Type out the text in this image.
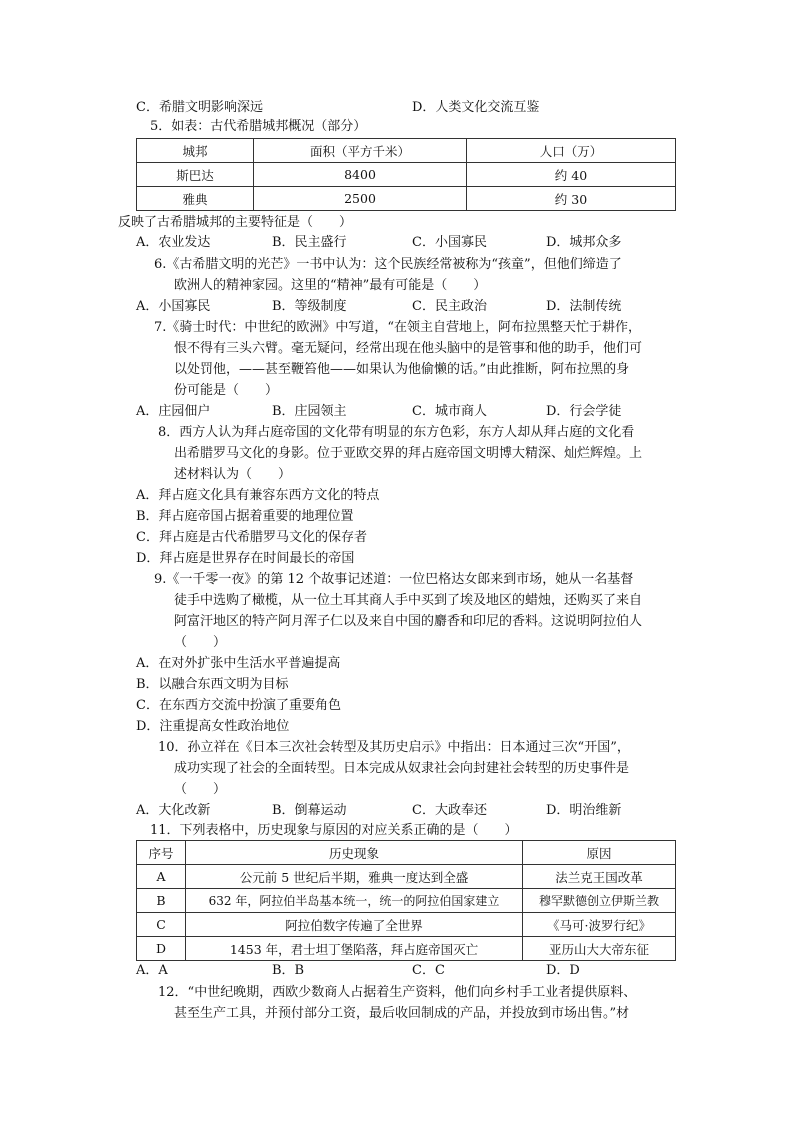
C．希腊文明影响深远	D．人类文化交流互鉴
5．如表：古代希腊城邦概况（部分）
城邦	面积（平方千米）	人口（万）
斯巴达	8400	约 40
雅典	2500	约 30
反映了古希腊城邦的主要特征是（　　）
A．农业发达	B．民主盛行	C．小国寡民	D．城邦众多
6.《古希腊文明的光芒》一书中认为：这个民族经常被称为“孩童”，但他们缔造了
欧洲人的精神家园。这里的“精神”最有可能是（　　）
A．小国寡民	B．等级制度	C．民主政治	D．法制传统
7.《骑士时代：中世纪的欧洲》中写道，“在领主自营地上，阿布拉黑整天忙于耕作，
恨不得有三头六臂。毫无疑问，经常出现在他头脑中的是管事和他的助手，他们可
以处罚他，——甚至鞭笞他——如果认为他偷懒的话。”由此推断，阿布拉黑的身
份可能是（　　）
A．庄园佃户	B．庄园领主	C．城市商人	D．行会学徒
8．西方人认为拜占庭帝国的文化带有明显的东方色彩，东方人却从拜占庭的文化看
出希腊罗马文化的身影。位于亚欧交界的拜占庭帝国文明博大精深、灿烂辉煌。上
述材料认为（　　）
A．拜占庭文化具有兼容东西方文化的特点
B．拜占庭帝国占据着重要的地理位置
C．拜占庭是古代希腊罗马文化的保存者
D．拜占庭是世界存在时间最长的帝国
9.《一千零一夜》的第 12 个故事记述道：一位巴格达女郎来到市场，她从一名基督
徒手中选购了橄榄，从一位土耳其商人手中买到了埃及地区的蜡烛，还购买了来自
阿富汗地区的特产阿月浑子仁以及来自中国的麝香和印尼的香料。这说明阿拉伯人
（　　）
A．在对外扩张中生活水平普遍提高
B．以融合东西文明为目标
C．在东西方交流中扮演了重要角色
D．注重提高女性政治地位
10．孙立祥在《日本三次社会转型及其历史启示》中指出：日本通过三次“开国”，
成功实现了社会的全面转型。日本完成从奴隶社会向封建社会转型的历史事件是
（　　）
A．大化改新	B．倒幕运动	C．大政奉还	D．明治维新
11．下列表格中，历史现象与原因的对应关系正确的是（　　）
序号	历史现象	原因
A	公元前 5 世纪后半期，雅典一度达到全盛	法兰克王国改革
B	632 年，阿拉伯半岛基本统一，统一的阿拉伯国家建立	穆罕默德创立伊斯兰教
C	阿拉伯数字传遍了全世界	《马可·波罗行纪》
D	1453 年，君士坦丁堡陷落，拜占庭帝国灭亡	亚历山大大帝东征
A．A	B．B	C．C	D．D
12．“中世纪晚期，西欧少数商人占据着生产资料，他们向乡村手工业者提供原料、
甚至生产工具，并预付部分工资，最后收回制成的产品，并投放到市场出售。”材
